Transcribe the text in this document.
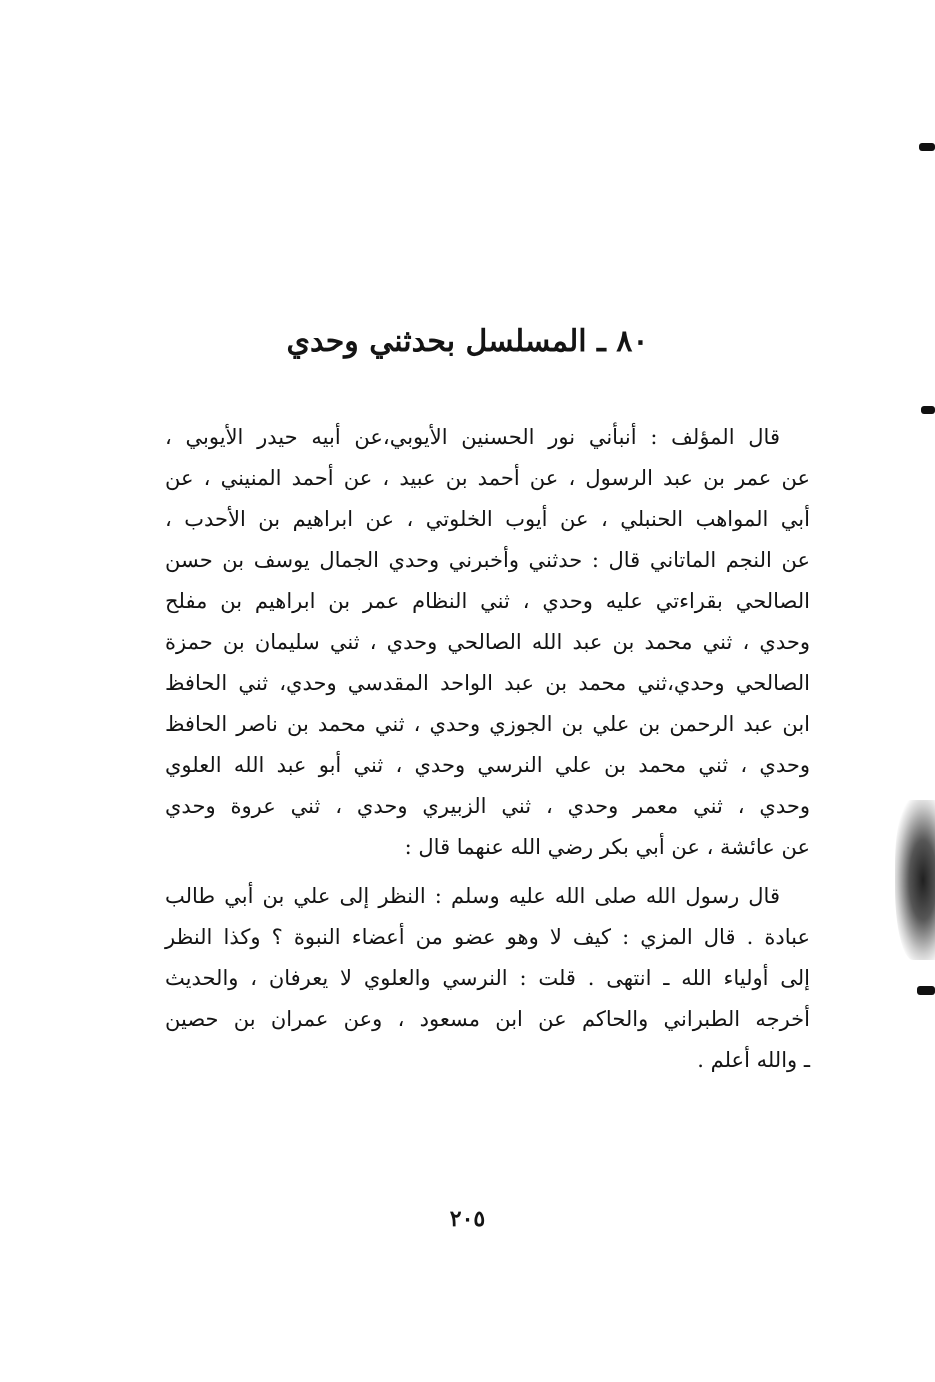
٨٠ ـ المسلسل بحدثني وحدي
قال المؤلف : أنبأني نور الحسنين الأيوبي،عن أبيه حيدر الأيوبي ،
عن عمر بن عبد الرسول ، عن أحمد بن عبيد ، عن أحمد المنيني ، عن
أبي المواهب الحنبلي ، عن أيوب الخلوتي ، عن ابراهيم بن الأحدب ،
عن النجم الماتاني قال : حدثني وأخبرني وحدي الجمال يوسف بن حسن
الصالحي بقراءتي عليه وحدي ، ثني النظام عمر بن ابراهيم بن مفلح
وحدي ، ثني محمد بن عبد الله الصالحي وحدي ، ثني سليمان بن حمزة
الصالحي وحدي،ثني محمد بن عبد الواحد المقدسي وحدي، ثني الحافظ
ابن عبد الرحمن بن علي بن الجوزي وحدي ، ثني محمد بن ناصر الحافظ
وحدي ، ثني محمد بن علي النرسي وحدي ، ثني أبو عبد الله العلوي
وحدي ، ثني معمر وحدي ، ثني الزبيري وحدي ، ثني عروة وحدي
عن عائشة ، عن أبي بكر رضي الله عنهما قال :
قال رسول الله صلى الله عليه وسلم : النظر إلى علي بن أبي طالب
عبادة . قال المزي : كيف لا وهو عضو من أعضاء النبوة ؟ وكذا النظر
إلى أولياء الله ـ انتهى . قلت : النرسي والعلوي لا يعرفان ، والحديث
أخرجه الطبراني والحاكم عن ابن مسعود ، وعن عمران بن حصين
ـ والله أعلم .
٢٠٥
